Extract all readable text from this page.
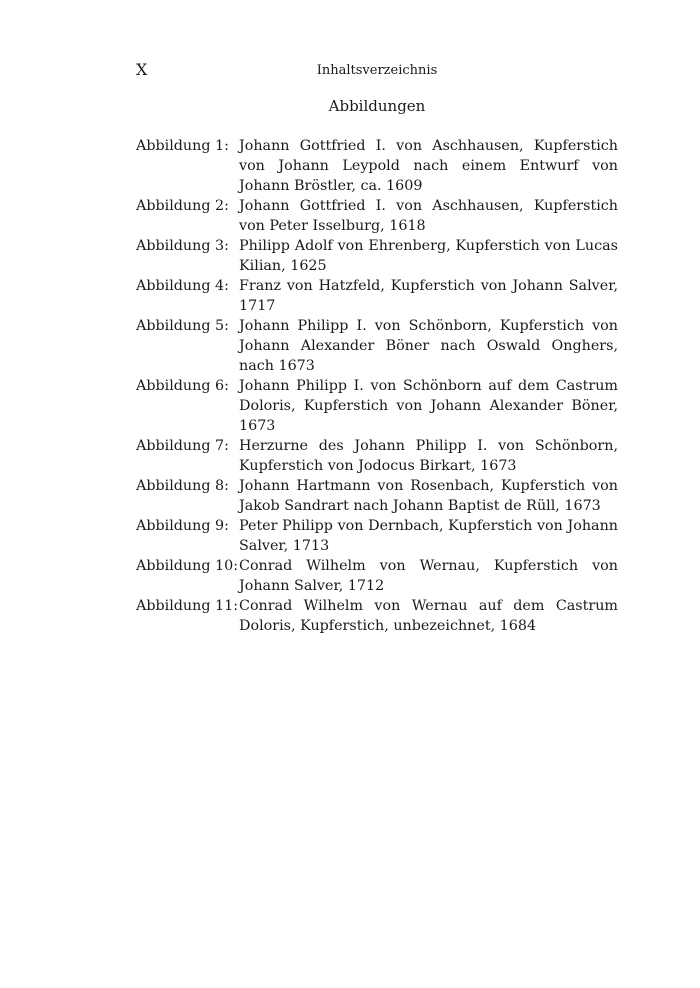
X	Inhaltsverzeichnis
Abbildungen
Abbildung 1: Johann Gottfried I. von Aschhausen, Kupferstich von Johann Leypold nach einem Entwurf von Johann Bröstler, ca. 1609
Abbildung 2: Johann Gottfried I. von Aschhausen, Kupferstich von Peter Isselburg, 1618
Abbildung 3: Philipp Adolf von Ehrenberg, Kupferstich von Lucas Kilian, 1625
Abbildung 4: Franz von Hatzfeld, Kupferstich von Johann Salver, 1717
Abbildung 5: Johann Philipp I. von Schönborn, Kupferstich von Johann Alexander Böner nach Oswald Onghers, nach 1673
Abbildung 6: Johann Philipp I. von Schönborn auf dem Castrum Doloris, Kupferstich von Johann Alexander Böner, 1673
Abbildung 7: Herzurne des Johann Philipp I. von Schönborn, Kupferstich von Jodocus Birkart, 1673
Abbildung 8: Johann Hartmann von Rosenbach, Kupferstich von Jakob Sandrart nach Johann Baptist de Rüll, 1673
Abbildung 9: Peter Philipp von Dernbach, Kupferstich von Johann Salver, 1713
Abbildung 10: Conrad Wilhelm von Wernau, Kupferstich von Johann Salver, 1712
Abbildung 11: Conrad Wilhelm von Wernau auf dem Castrum Doloris, Kupferstich, unbezeichnet, 1684
